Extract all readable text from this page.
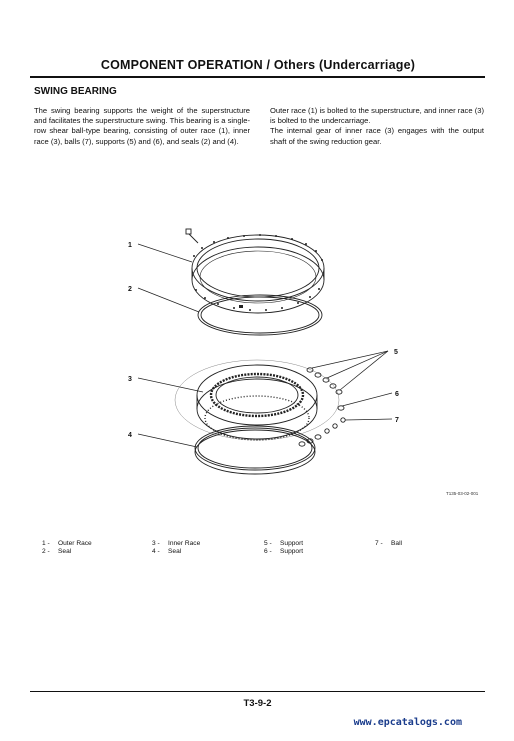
COMPONENT OPERATION / Others (Undercarriage)
SWING BEARING

The swing bearing supports the weight of the superstructure and facilitates the superstructure swing. This bearing is a single-row shear ball-type bearing, consisting of outer race (1), inner race (3), balls (7), supports (5) and (6), and seals (2) and (4).

Outer race (1) is bolted to the superstructure, and inner race (3) is bolted to the undercarriage.

The internal gear of inner race (3) engages with the output shaft of the swing reduction gear.

1
2
3
4
5
6
7
T135-03-02-001
1 - Outer Race
2 - Seal
3 - Inner Race
4 - Seal
5 - Support
6 - Support
7 - Ball
T3-9-2
www.epcatalogs.com
